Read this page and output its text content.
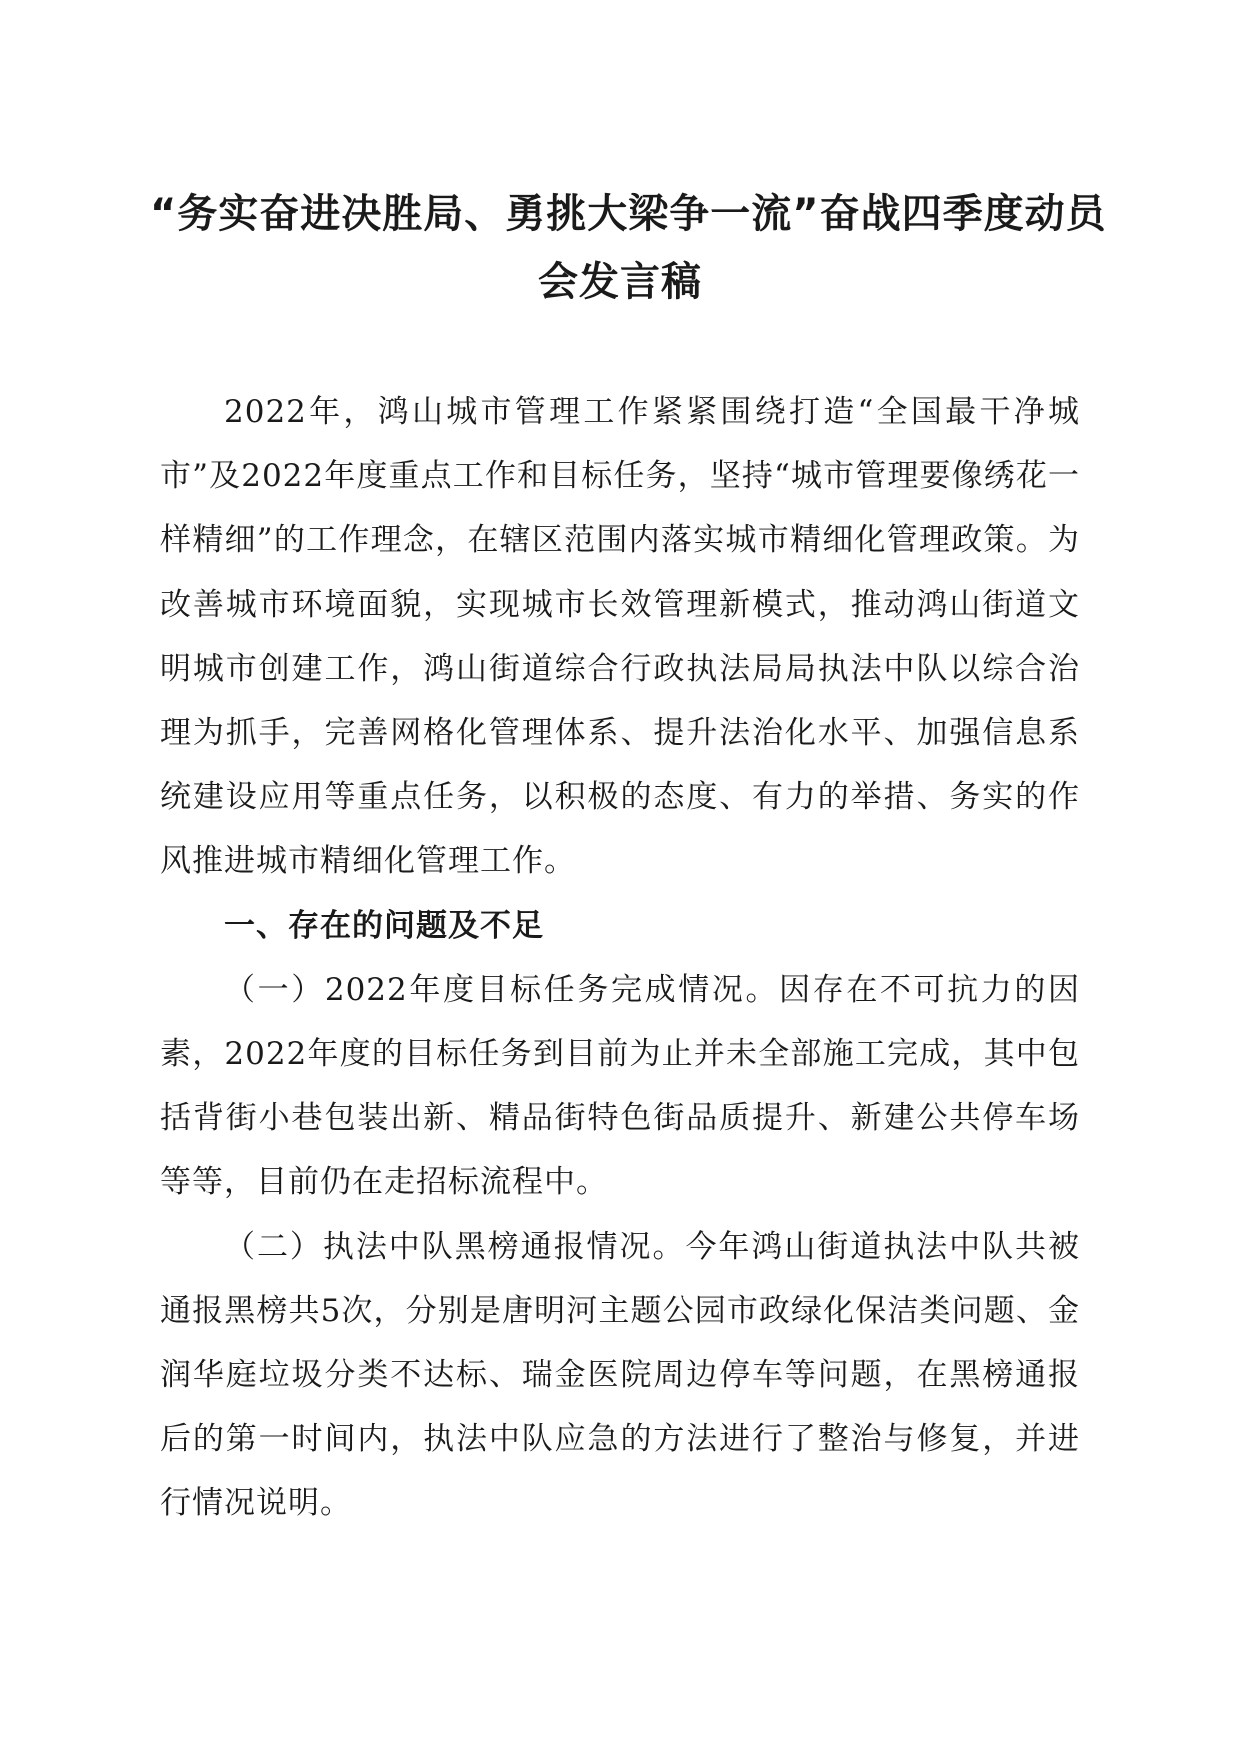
“务实奋进决胜局、勇挑大梁争一流”奋战四季度动员
会发言稿

2022年，鸿山城市管理工作紧紧围绕打造“全国最干净城市”及2022年度重点工作和目标任务，坚持“城市管理要像绣花一样精细”的工作理念，在辖区范围内落实城市精细化管理政策。为改善城市环境面貌，实现城市长效管理新模式，推动鸿山街道文明城市创建工作，鸿山街道综合行政执法局局执法中队以综合治理为抓手，完善网格化管理体系、提升法治化水平、加强信息系统建设应用等重点任务，以积极的态度、有力的举措、务实的作风推进城市精细化管理工作。

一、存在的问题及不足

（一）2022年度目标任务完成情况。因存在不可抗力的因素，2022年度的目标任务到目前为止并未全部施工完成，其中包括背街小巷包装出新、精品街特色街品质提升、新建公共停车场等等，目前仍在走招标流程中。

（二）执法中队黑榜通报情况。今年鸿山街道执法中队共被通报黑榜共5次，分别是唐明河主题公园市政绿化保洁类问题、金润华庭垃圾分类不达标、瑞金医院周边停车等问题，在黑榜通报后的第一时间内，执法中队应急的方法进行了整治与修复，并进行情况说明。
